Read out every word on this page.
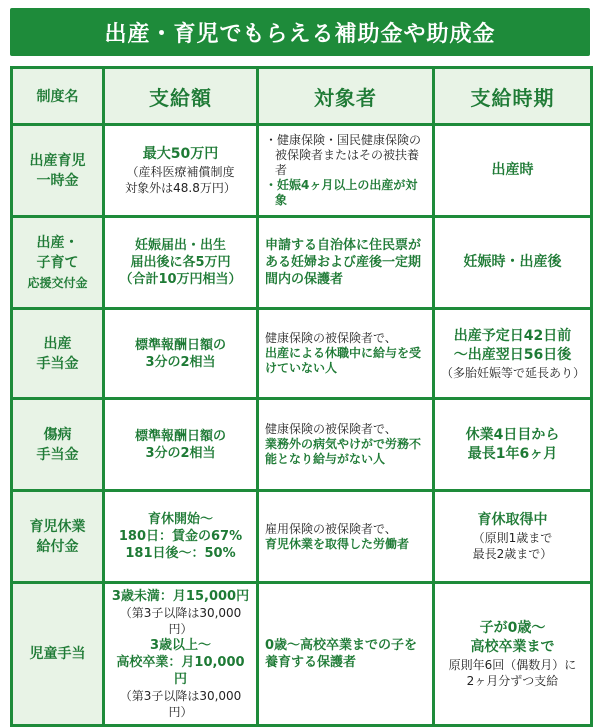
出産・育児でもらえる補助金や助成金
制度名	支給額	対象者	支給時期

出産育児
一時金	最大50万円
（産科医療補償制度
対象外は48.8万円）	・健康保険・国民健康保険の被保険者またはその被扶養者
・妊娠4ヶ月以上の出産が対象	出産時

出産・
子育て
応援交付金	妊娠届出・出生
届出後に各5万円
（合計10万円相当）	申請する自治体に住民票がある妊婦および産後一定期間内の保護者	妊娠時・出産後

出産
手当金	標準報酬日額の
3分の2相当	健康保険の被保険者で、
出産による休職中に給与を受けていない人	出産予定日42日前
〜出産翌日56日後
（多胎妊娠等で延長あり）

傷病
手当金	標準報酬日額の
3分の2相当	健康保険の被保険者で、
業務外の病気やけがで労務不能となり給与がない人	休業4日目から
最長1年6ヶ月

育児休業
給付金	育休開始〜
180日：賃金の67%
181日後〜：50%	雇用保険の被保険者で、
育児休業を取得した労働者	育休取得中
（原則1歳まで
最長2歳まで）

児童手当	3歳未満：月15,000円
（第3子以降は30,000円）
3歳以上〜
高校卒業：月10,000円
（第3子以降は30,000円）	0歳〜高校卒業までの子を養育する保護者	子が0歳〜
高校卒業まで
原則年6回（偶数月）に
2ヶ月分ずつ支給
